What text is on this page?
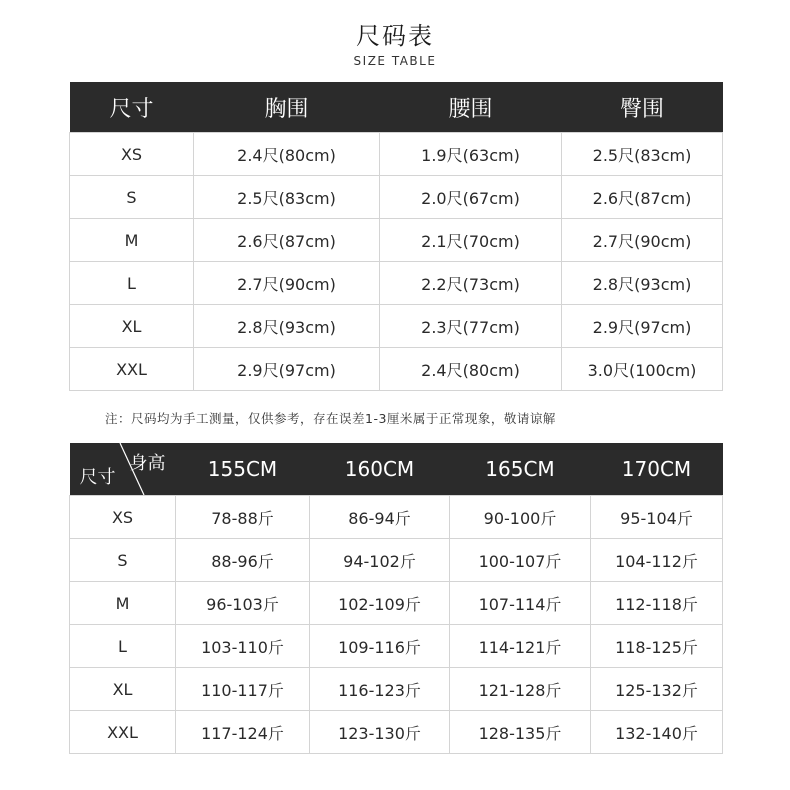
尺码表
SIZE TABLE
尺寸	胸围	腰围	臀围
XS	2.4尺(80cm)	1.9尺(63cm)	2.5尺(83cm)
S	2.5尺(83cm)	2.0尺(67cm)	2.6尺(87cm)
M	2.6尺(87cm)	2.1尺(70cm)	2.7尺(90cm)
L	2.7尺(90cm)	2.2尺(73cm)	2.8尺(93cm)
XL	2.8尺(93cm)	2.3尺(77cm)	2.9尺(97cm)
XXL	2.9尺(97cm)	2.4尺(80cm)	3.0尺(100cm)
注：尺码均为手工测量，仅供参考，存在误差1-3厘米属于正常现象，敬请谅解
身高
尺寸	155CM	160CM	165CM	170CM
XS	78-88斤	86-94斤	90-100斤	95-104斤
S	88-96斤	94-102斤	100-107斤	104-112斤
M	96-103斤	102-109斤	107-114斤	112-118斤
L	103-110斤	109-116斤	114-121斤	118-125斤
XL	110-117斤	116-123斤	121-128斤	125-132斤
XXL	117-124斤	123-130斤	128-135斤	132-140斤
